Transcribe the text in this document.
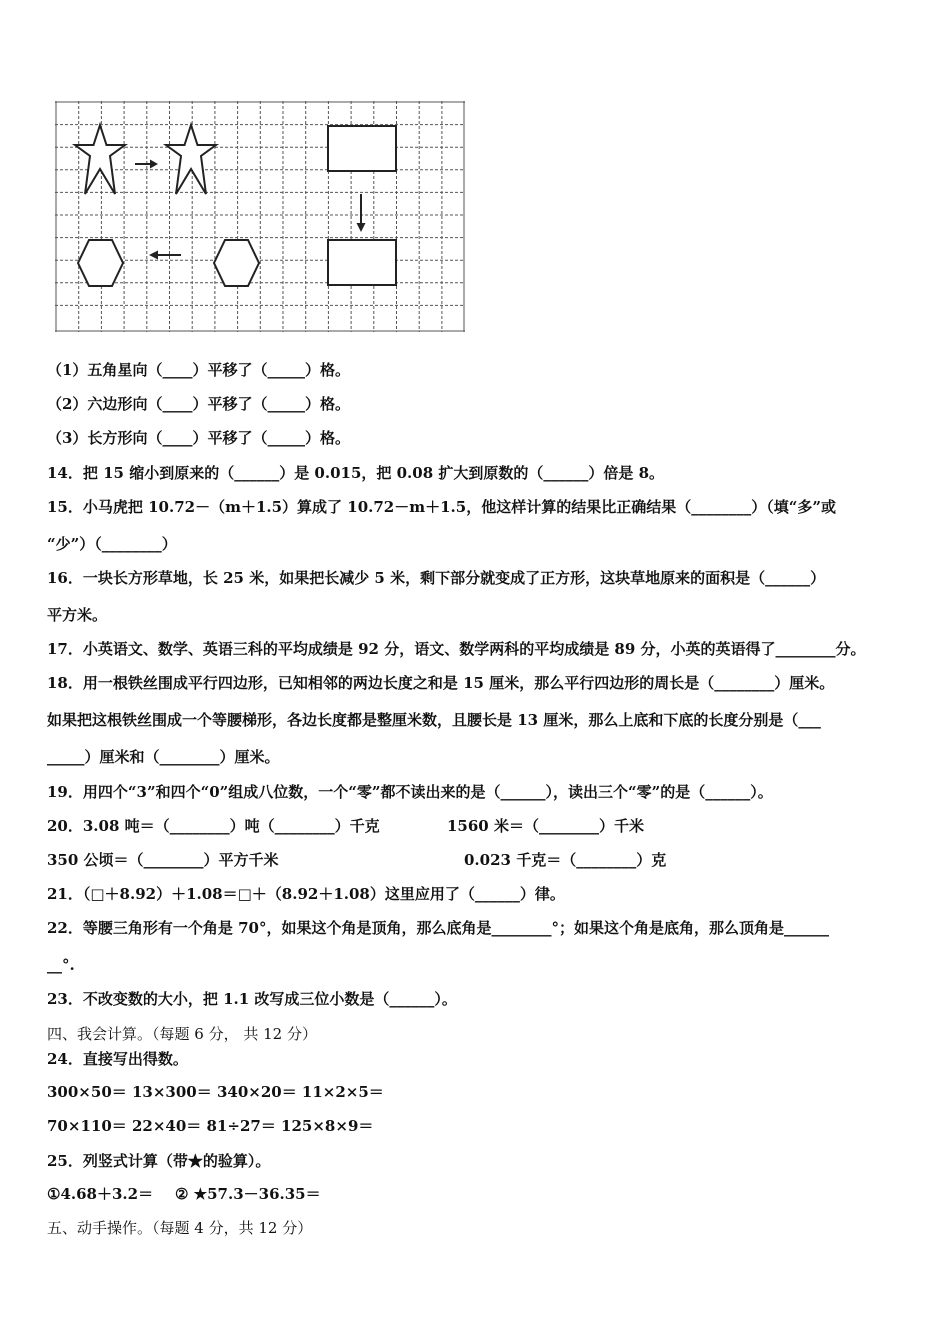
（1）五角星向（____）平移了（_____）格。
（2）六边形向（____）平移了（_____）格。
（3）长方形向（____）平移了（_____）格。
14．把 15 缩小到原来的（______）是 0.015，把 0.08 扩大到原数的（______）倍是 8。
15．小马虎把 10.72－（m＋1.5）算成了 10.72－m＋1.5，他这样计算的结果比正确结果（________）（填“多”或
“少”）（________）
16．一块长方形草地，长 25 米，如果把长减少 5 米，剩下部分就变成了正方形，这块草地原来的面积是（______）
平方米。
17．小英语文、数学、英语三科的平均成绩是 92 分，语文、数学两科的平均成绩是 89 分，小英的英语得了________分。
18．用一根铁丝围成平行四边形，已知相邻的两边长度之和是 15 厘米，那么平行四边形的周长是（________）厘米。
如果把这根铁丝围成一个等腰梯形，各边长度都是整厘米数，且腰长是 13 厘米，那么上底和下底的长度分别是（___
_____）厘米和（________）厘米。
19．用四个“3”和四个“0”组成八位数，一个“零”都不读出来的是（______），读出三个“零”的是（______）。
20．3.08 吨＝（________）吨（________）千克	1560 米＝（________）千米
350 公顷＝（________）平方千米	0.023 千克＝（________）克
21．（□＋8.92）＋1.08＝□＋（8.92＋1.08）这里应用了（______）律。
22．等腰三角形有一个角是 70°，如果这个角是顶角，那么底角是________°；如果这个角是底角，那么顶角是______
__°.
23．不改变数的大小，把 1.1 改写成三位小数是（______）。
四、我会计算。（每题 6 分， 共 12 分）
24．直接写出得数。
300×50＝ 13×300＝ 340×20＝ 11×2×5＝
70×110＝ 22×40＝ 81÷27＝ 125×8×9＝
25．列竖式计算（带★的验算）。
①4.68＋3.2＝ ② ★57.3－36.35＝
五、动手操作。（每题 4 分，共 12 分）
